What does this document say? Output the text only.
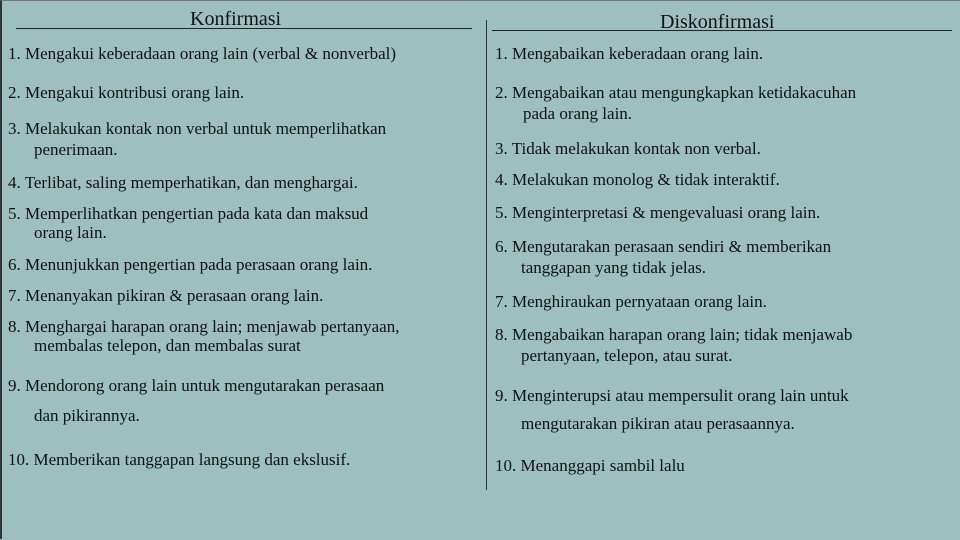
Konfirmasi	Diskonfirmasi
1. Mengakui keberadaan orang lain (verbal & nonverbal)
2. Mengakui kontribusi orang lain.
3. Melakukan kontak non verbal untuk memperlihatkan
penerimaan.
4. Terlibat, saling memperhatikan, dan menghargai.
5. Memperlihatkan pengertian pada kata dan maksud
orang lain.
6. Menunjukkan pengertian pada perasaan orang lain.
7. Menanyakan pikiran & perasaan orang lain.
8. Menghargai harapan orang lain; menjawab pertanyaan,
membalas telepon, dan membalas surat
9. Mendorong orang lain untuk mengutarakan perasaan
dan pikirannya.
10. Memberikan tanggapan langsung dan ekslusif.
1. Mengabaikan keberadaan orang lain.
2. Mengabaikan atau mengungkapkan ketidakacuhan
pada orang lain.
3. Tidak melakukan kontak non verbal.
4. Melakukan monolog & tidak interaktif.
5. Menginterpretasi & mengevaluasi orang lain.
6. Mengutarakan perasaan sendiri & memberikan
tanggapan yang tidak jelas.
7. Menghiraukan pernyataan orang lain.
8. Mengabaikan harapan orang lain; tidak menjawab
pertanyaan, telepon, atau surat.
9. Menginterupsi atau mempersulit orang lain untuk
mengutarakan pikiran atau perasaannya.
10. Menanggapi sambil lalu
